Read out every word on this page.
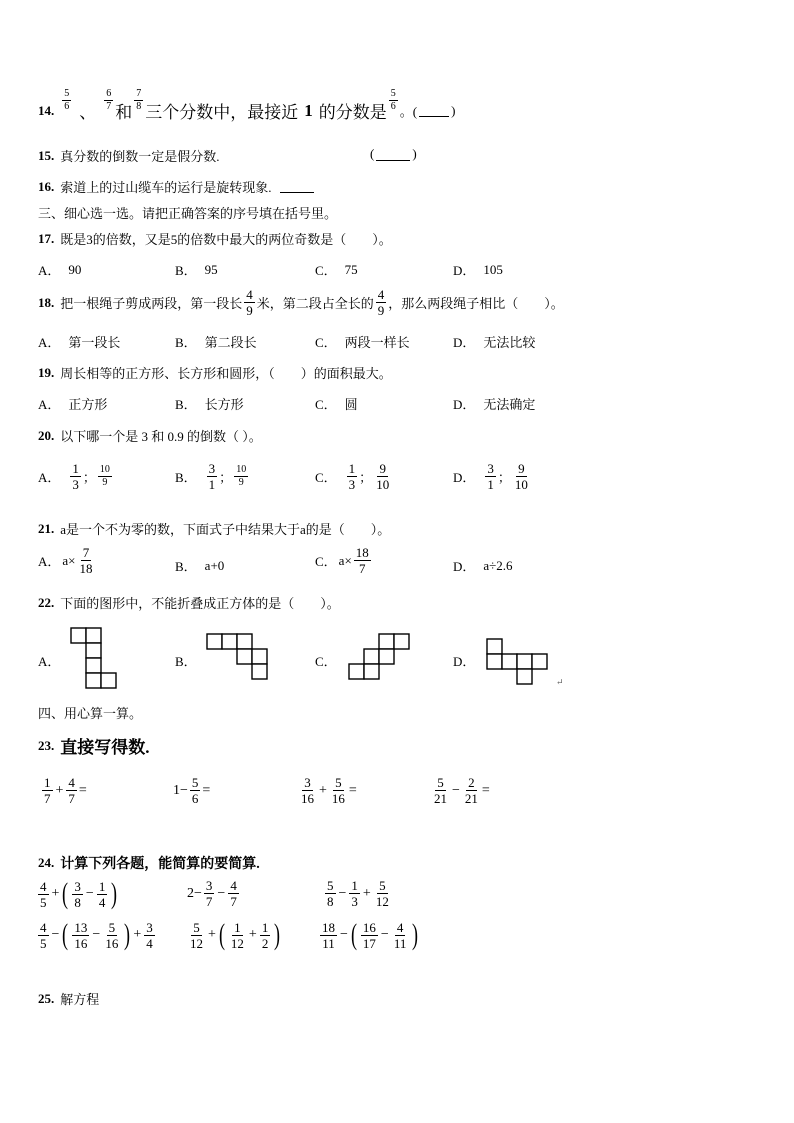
14. $\frac{5}{6}$
、
$\frac{6}{7}$
和
$\frac{7}{8}$
三个分数中，最接近 1 的分数是
$\frac{5}{6}$ 。(	)
15. 真分数的倒数一定是假分数.	(	)
16. 索道上的过山缆车的运行是旋转现象.
三、细心选一选。请把正确答案的序号填在括号里。
17. 既是3的倍数，又是5的倍数中最大的两位奇数是（　　）。
A． 90	B． 95	C． 75	D． 105
18. 把一根绳子剪成两段，第一段长 $\frac{4}{9}$ 米，第二段占全长的 $\frac{4}{9}$ ，那么两段绳子相比（　　）。
A． 第一段长	B． 第二段长	C． 两段一样长	D． 无法比较
19. 周长相等的正方形、长方形和圆形，（　　）的面积最大。
A． 正方形	B． 长方形	C． 圆	D． 无法确定
20. 以下哪一个是 3 和 0.9 的倒数（ ）。
A． $\frac{1}{3}$ ； $\frac{10}{9}$	B． $\frac{3}{1}$ ； $\frac{10}{9}$	C． $\frac{1}{3}$ ； $\frac{9}{10}$	D． $\frac{3}{1}$ ； $\frac{9}{10}$
21. a是一个不为零的数，下面式子中结果大于a的是（　　）。
A． $a\times \frac{7}{18}$	B． a+0	C． $a\times \frac{18}{7}$	D． a÷2.6
22. 下面的图形中，不能折叠成正方体的是（　　）。
A．	B．	C．	D．
↵
四、用心算一算。
23. 直接写得数.
$\frac{1}{7} + \frac{4}{7}$ =	$1- \frac{5}{6}$ =	$\frac{3}{16} + \frac{5}{16}$ =	$\frac{5}{21} - \frac{2}{21}$ =
24. 计算下列各题，能简算的要简算.
$\frac{4}{5}$ + ( $\frac{3}{8} - \frac{1}{4}$ )	$2- \frac{3}{7} - \frac{4}{7}$	$\frac{5}{8} - \frac{1}{3} + \frac{5}{12}$
$\frac{4}{5}$ − ( $\frac{13}{16} - \frac{5}{16}$ ) + $\frac{3}{4}$	$\frac{5}{12}$ + ( $\frac{1}{12} + \frac{1}{2}$ )	$\frac{18}{11}$ − ( $\frac{16}{17} - \frac{4}{11}$ )
25. 解方程
